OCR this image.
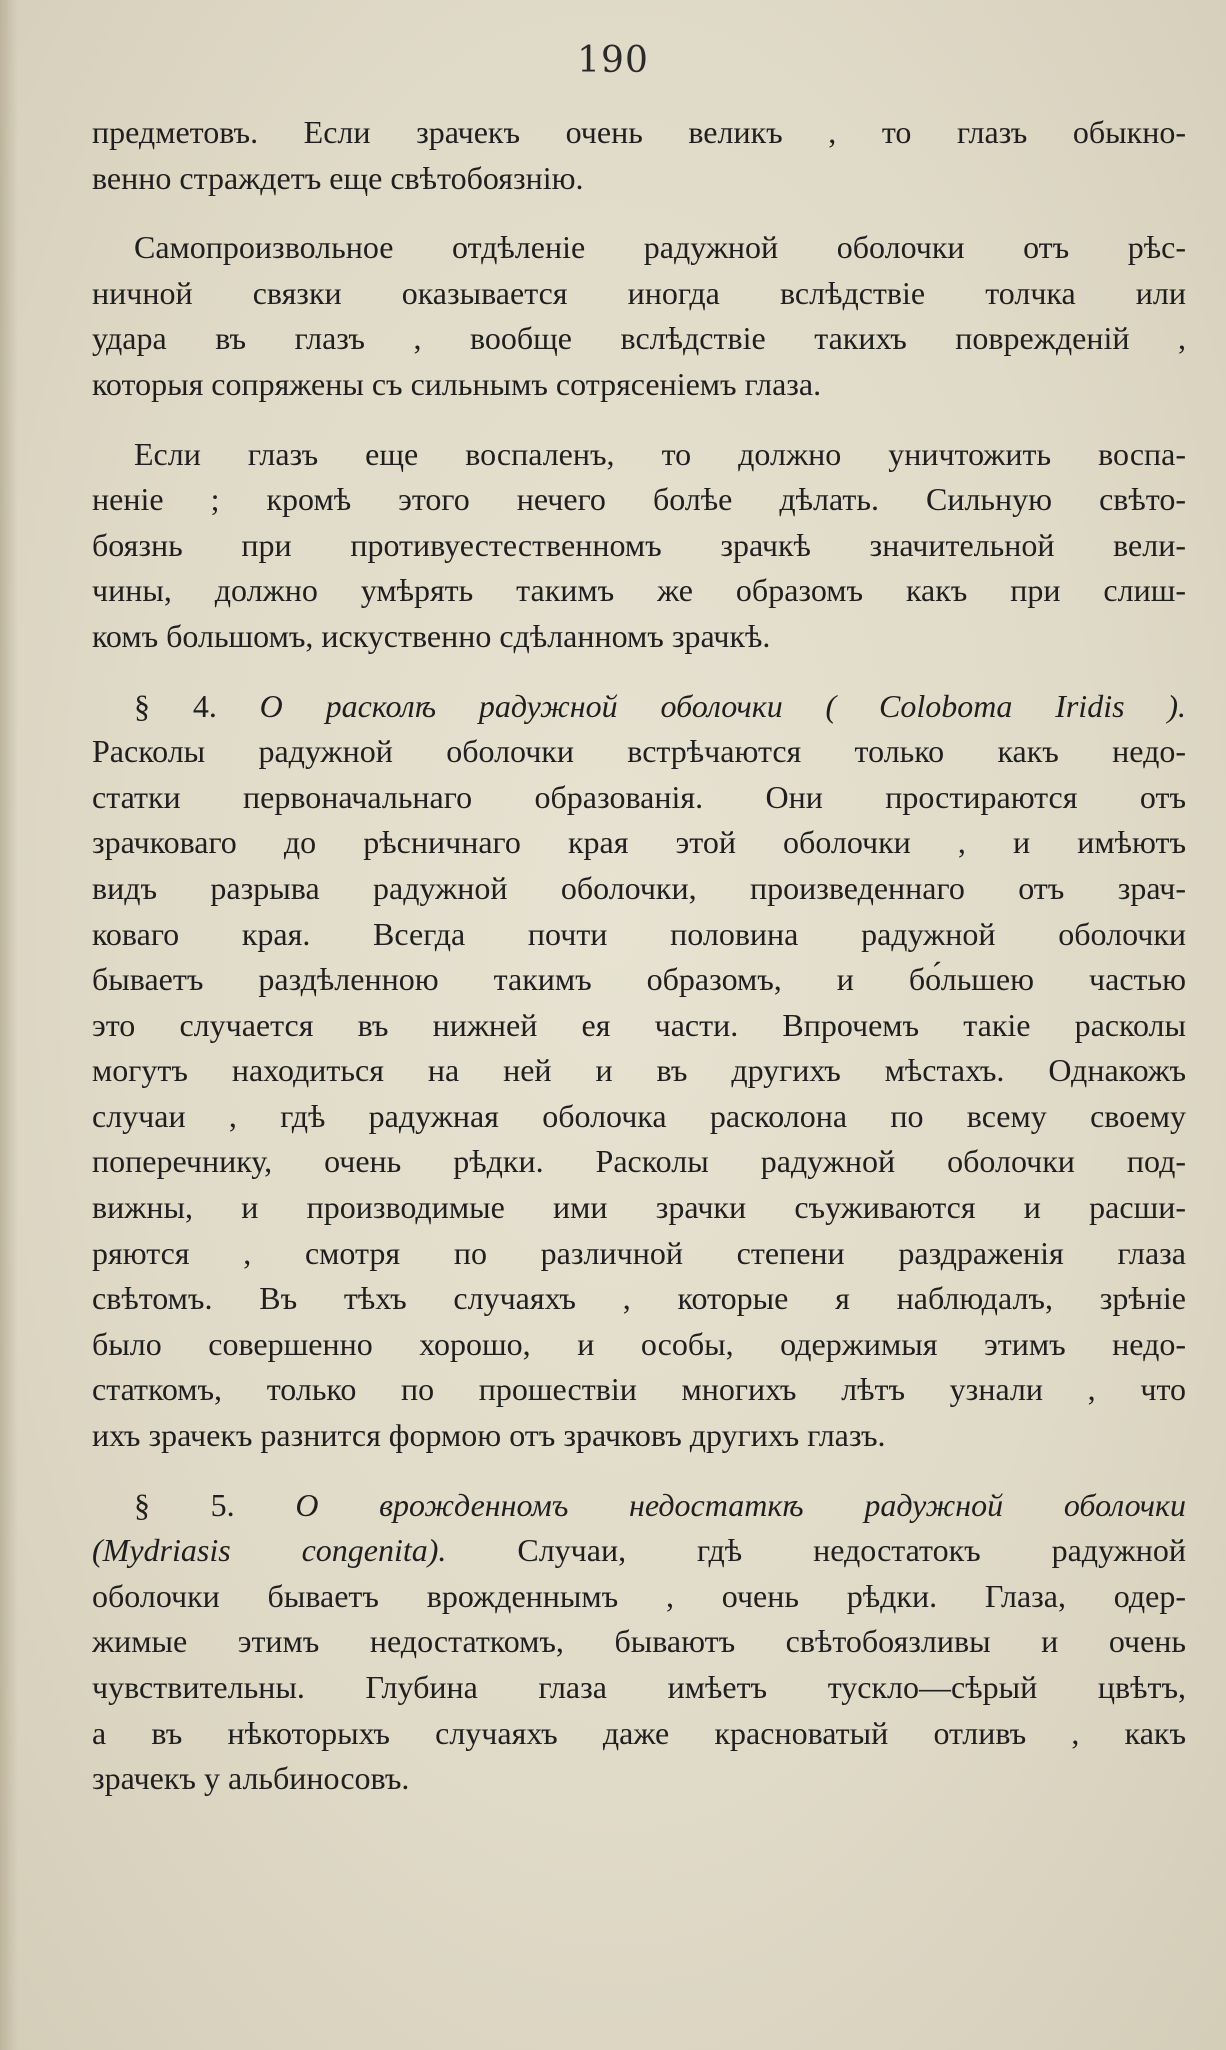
190
предметовъ. Если зрачекъ очень великъ , то глазъ обыкно-
венно страждетъ еще свѣтобоязнію.
Самопроизвольное отдѣленіе радужной оболочки отъ рѣс-
ничной связки оказывается иногда вслѣдствіе толчка или
удара въ глазъ , вообще вслѣдствіе такихъ поврежденій ,
которыя сопряжены съ сильнымъ сотрясеніемъ глаза.
Если глазъ еще воспаленъ, то должно уничтожить воспа-
неніе ; кромѣ этого нечего болѣе дѣлать. Сильную свѣто-
боязнь при противуестественномъ зрачкѣ значительной вели-
чины, должно умѣрять такимъ же образомъ какъ при слиш-
комъ большомъ, искуственно сдѣланномъ зрачкѣ.
§ 4. О расколѣ радужной оболочки ( Coloboma Iridis ).
Расколы радужной оболочки встрѣчаются только какъ недо-
статки первоначальнаго образованія. Они простираются отъ
зрачковаго до рѣсничнаго края этой оболочки , и имѣютъ
видъ разрыва радужной оболочки, произведеннаго отъ зрач-
коваго края. Всегда почти половина радужной оболочки
бываетъ раздѣленною такимъ образомъ, и бо́льшею частью
это случается въ нижней ея части. Впрочемъ такіе расколы
могутъ находиться на ней и въ другихъ мѣстахъ. Однакожъ
случаи , гдѣ радужная оболочка расколона по всему своему
поперечнику, очень рѣдки. Расколы радужной оболочки под-
вижны, и производимые ими зрачки съуживаются и расши-
ряются , смотря по различной степени раздраженія глаза
свѣтомъ. Въ тѣхъ случаяхъ , которые я наблюдалъ, зрѣніе
было совершенно хорошо, и особы, одержимыя этимъ недо-
статкомъ, только по прошествіи многихъ лѣтъ узнали , что
ихъ зрачекъ разнится формою отъ зрачковъ другихъ глазъ.
§ 5. О врожденномъ недостаткѣ радужной оболочки
(Mydriasis congenita). Случаи, гдѣ недостатокъ радужной
оболочки бываетъ врожденнымъ , очень рѣдки. Глаза, одер-
жимые этимъ недостаткомъ, бываютъ свѣтобоязливы и очень
чувствительны. Глубина глаза имѣетъ тускло—сѣрый цвѣтъ,
а въ нѣкоторыхъ случаяхъ даже красноватый отливъ , какъ
зрачекъ у альбиносовъ.
